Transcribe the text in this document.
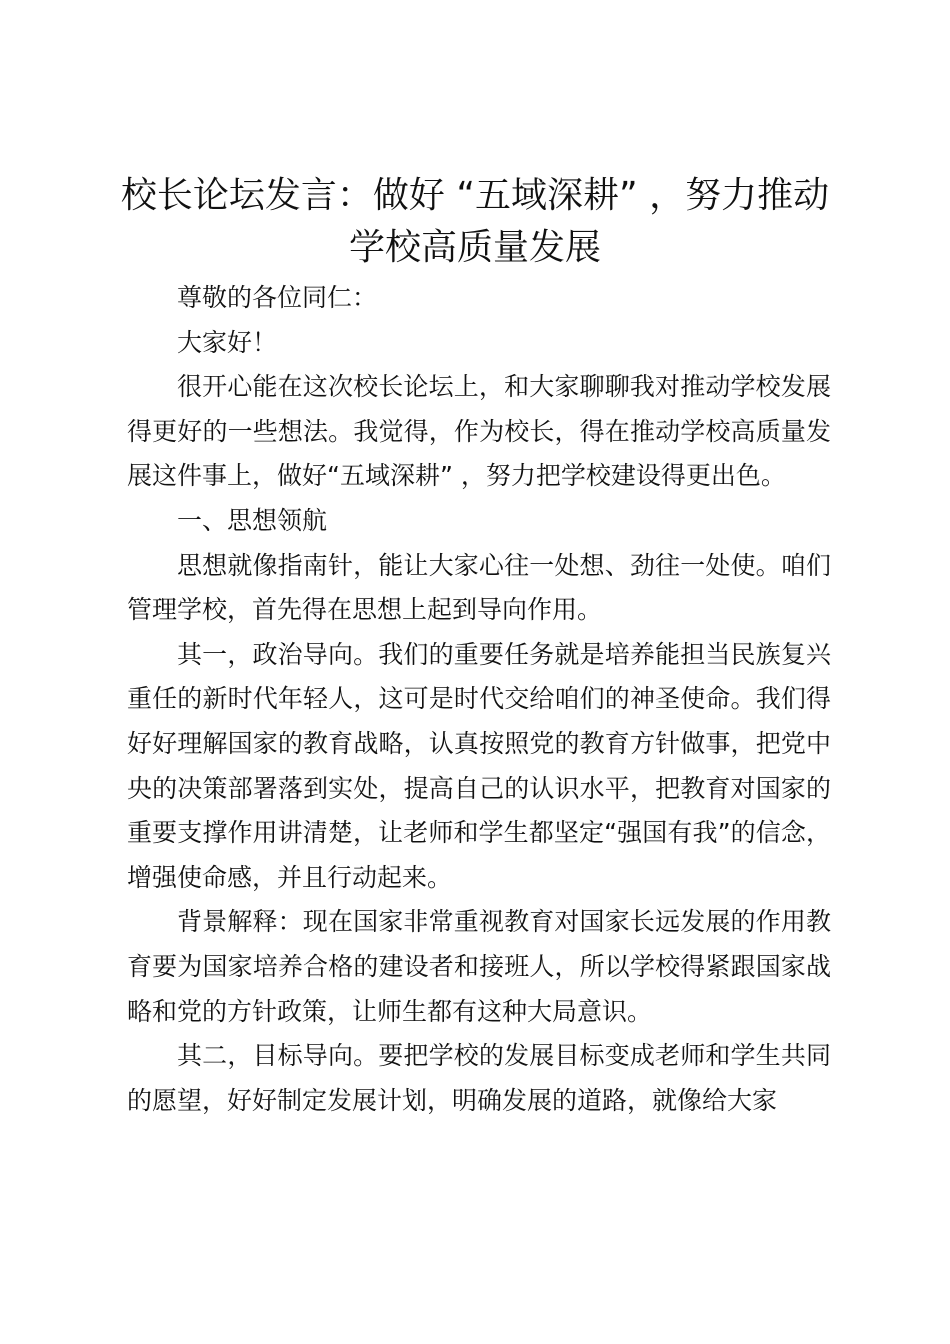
校长论坛发言：做好 “五域深耕” ，努力推动学校高质量发展

尊敬的各位同仁：

大家好！

很开心能在这次校长论坛上，和大家聊聊我对推动学校发展得更好的一些想法。我觉得，作为校长，得在推动学校高质量发展这件事上，做好“五域深耕” ，努力把学校建设得更出色。

一、思想领航

思想就像指南针，能让大家心往一处想、劲往一处使。咱们管理学校，首先得在思想上起到导向作用。

其一，政治导向。我们的重要任务就是培养能担当民族复兴重任的新时代年轻人，这可是时代交给咱们的神圣使命。我们得好好理解国家的教育战略，认真按照党的教育方针做事，把党中央的决策部署落到实处，提高自己的认识水平，把教育对国家的重要支撑作用讲清楚，让老师和学生都坚定“强国有我”的信念，增强使命感，并且行动起来。

背景解释：现在国家非常重视教育对国家长远发展的作用教育要为国家培养合格的建设者和接班人，所以学校得紧跟国家战略和党的方针政策，让师生都有这种大局意识。

其二，目标导向。要把学校的发展目标变成老师和学生共同的愿望，好好制定发展计划，明确发展的道路，就像给大家
